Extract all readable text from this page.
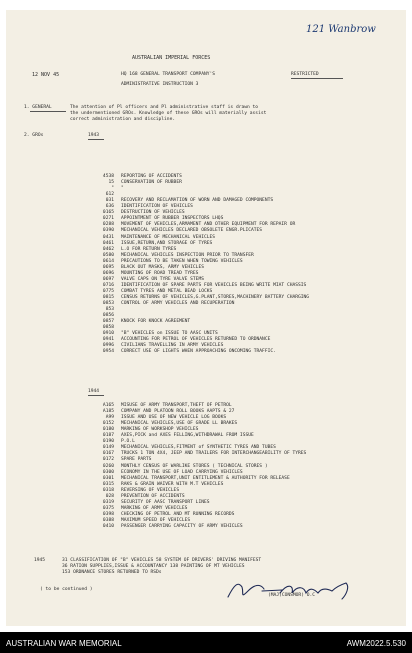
121 Wanbrow
AUSTRALIAN IMPERIAL FORCES
12 NOV 45	HQ 168 GENERAL TRANSPORT COMPANY'S	RESTRICTED
ADMINISTRATIVE INSTRUCTION 3
1. GENERAL	The attention of Pl officers and Pl administrative staff is drawn to
the undermentioned GROs. Knowledge of these GROs will materially assist
correct administration and discipline.
2. GROs	1943
4538 REPORTING OF ACCIDENTS
15 CONSERVATION OF RUBBER
" "
612
031 RECOVERY AND RECLAMATION OF WORN AND DAMAGED COMPONENTS
636 IDENTIFICATION OF VEHICLES
0165 DESTRUCTION OF VEHICLES
0271 APPOINTMENT OF RUBBER INSPECTORS LHQS
0288 MOVEMENT OF VEHICLES,ARMAMENT AND OTHER EQUIPMENT FOR REPAIR OR
0390 MECHANICAL VEHICLES DECLARED OBSOLETE ENGR.PLICATES
0431 MAINTENANCE OF MECHANICAL VEHICLES
0461 ISSUE,RETURN,AND STORAGE OF TYRES
0462 L.O FOR RETURN TYRES
0580 MECHANICAL VEHICLES INSPECTION PRIOR TO TRANSFER
0614 PRECAUTIONS TO BE TAKEN WHEN TOWING VEHICLES
0695 BLACK OUT MASKS, ARMY VEHICLES
0696 MOUNTING OF ROAD TREAD TYRES
0697 VALVE CAPS ON TYRE VALVE STEMS
0716 IDENTIFICATION OF SPARE PARTS FOR VEHICLES BEING WRITE MIAT CHASSIS
0775 COMBAT TYRES AND METAL BEAD LOCKS
0815 CENSUS RETURNS OF VEHICLES,G.PLANT,STORES,MACHINERY BATTERY CHARGING
0853 CONTROL OF ARMY VEHICLES AND RECUPERATION
853
0856
0857 KNOCK FOR KNOCK AGREEMENT
0858
0910 "B" VEHICLES on ISSUE TO AASC UNITS
0941 ACCOUNTING FOR PETROL OF VEHICLES RETURNED TO ORDNANCE
0996 CIVILIANS TRAVELLING IN ARMY VEHICLES
0954 CORRECT USE OF LIGHTS WHEN APPROACHING ONCOMING TRAFFIC.
1944
A165 MISUSE OF ARMY TRANSPORT,THEFT OF PETROL
A185 COMPANY AND PLATOON ROLL BOOKS AAPTS & 27
A99 ISSUE AND USE OF NEW VEHICLE LOG BOOKS
0152 MECHANICAL VEHICLES,USE OF GRADE LL BRAKES
0180 MARKING OF WORKSHOP VEHICLES
0187 AXES,PICK and AXES FELLING,WITHDRAWAL FROM ISSUE
0190 P.O.L
0149 MECHANICAL VEHICLES,FITMENT of SYNTHETIC TYRES AND TUBES
0167 TRUCKS 1 TON 4X4, JEEP AND TRAILERS FOR INTERCHANGEABILITY OF TYRES
0172 SPARE PARTS
0260 MONTHLY CENSUS OF WARLIKE STORES ( TECHNICAL STORES )
0300 ECONOMY IN THE USE OF LOAD CARRYING VEHICLES
0301 MECHANICAL TRANSPORT,UNIT ENTITLEMENT & AUTHORITY FOR RELEASE
0315 RAKS & GRAIN WAIVER WITH M.T VEHICLES
0318 REVERSING OF VEHICLES
028 PREVENTION OF ACCIDENTS
0319 SECURITY OF AASC TRANSPORT LINES
0375 MARKING OF ARMY VEHICLES
0398 CHECKING OF PETROL AND MT RUNNING RECORDS
0388 MAXIMUM SPEED OF VEHICLES
0410 PASSENGER CARRYING CAPACITY OF ARMY VEHICLES
1945	31 CLASSIFICATION OF "B" VEHICLES 58 SYSTEM OF DRIVERS' DRIVING MANIFEST
36 RATION SUPPLIES,ISSUE & ACCOUNTANCY 138 PAINTING OF MT VEHICLES
153 ORDNANCE STORES RETURNED TO RSDs
( to be continued )
(MAJ)CONSMOR) O.C
AUSTRALIAN WAR MEMORIAL	AWM2022.5.530
